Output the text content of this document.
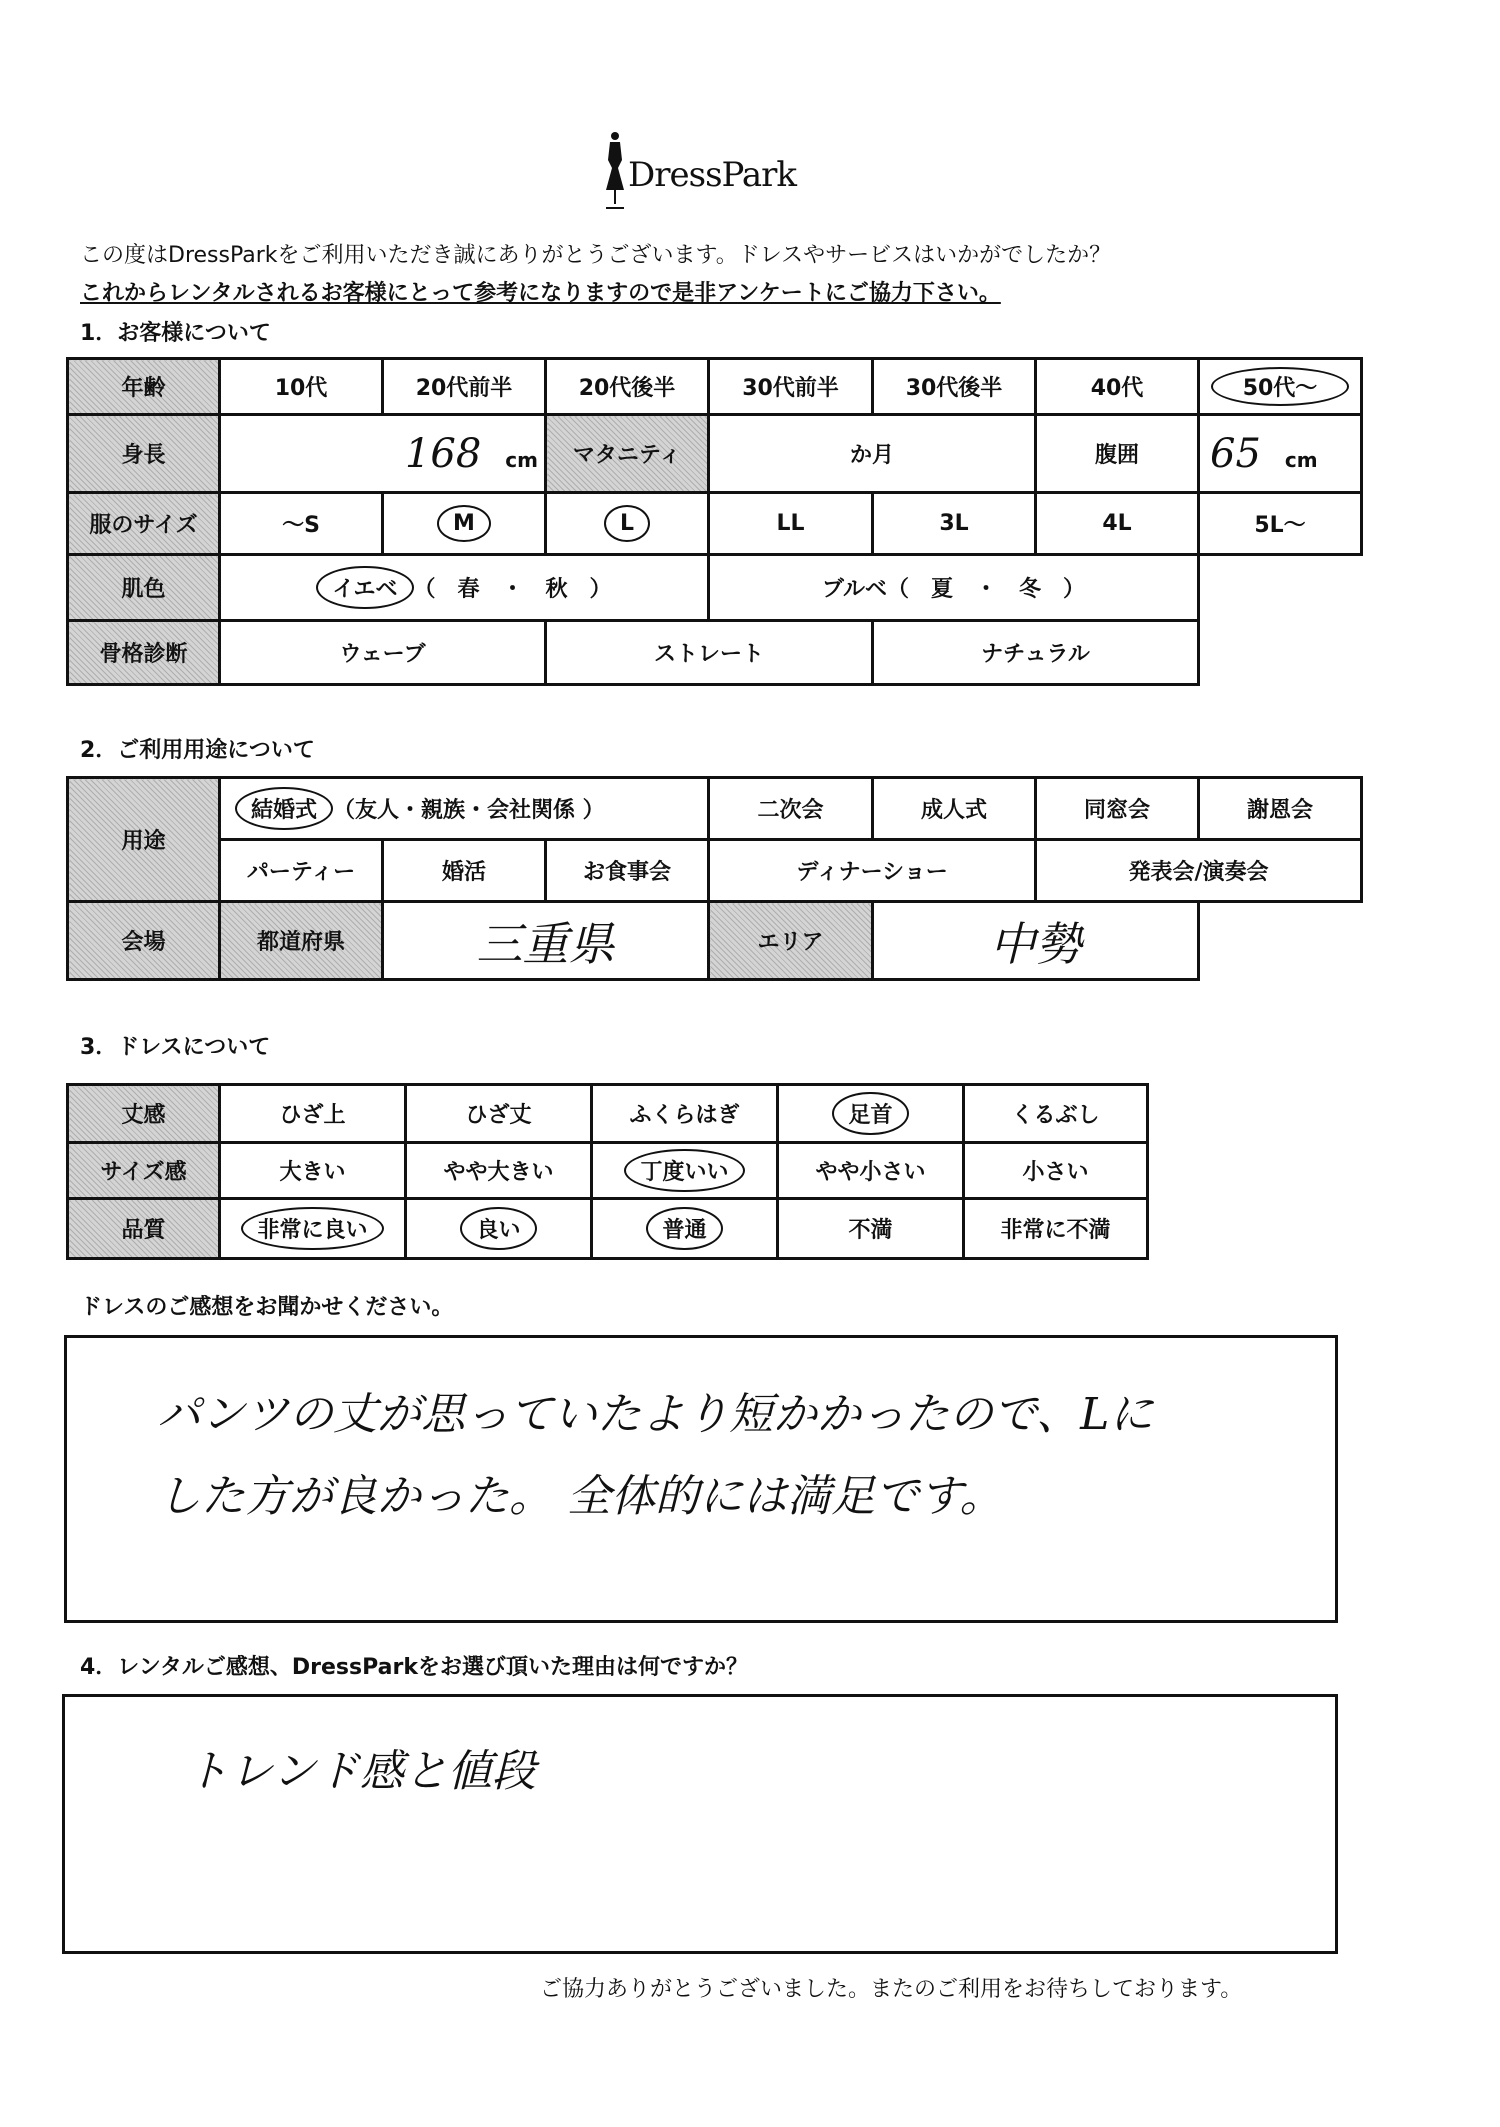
DressPark
この度はDressParkをご利用いただき誠にありがとうございます。ドレスやサービスはいかがでしたか？
これからレンタルされるお客様にとって参考になりますので是非アンケートにご協力下さい。
1．お客様について
年齢	10代	20代前半	20代後半	30代前半	30代後半	40代	50代〜
身長	168 cm		マタニティ	か月		腹囲	65 cm
服のサイズ	〜S	M	L	LL	3L	4L	5L〜
肌色	イエベ （　春　・　秋　）			ブルベ（　夏　・　冬　）			
骨格診断	ウェーブ		ストレート		ナチュラル		
2．ご利用用途について
用途	結婚式 （友人・親族・会社関係 ）			二次会	成人式	同窓会	謝恩会
	パーティー	婚活	お食事会	ディナーショー		発表会/演奏会	
会場	都道府県	三重県		エリア	中勢		
3．ドレスについて
丈感	ひざ上	ひざ丈	ふくらはぎ	足首	くるぶし
サイズ感	大きい	やや大きい	丁度いい	やや小さい	小さい
品質	非常に良い	良い	普通	不満	非常に不満
ドレスのご感想をお聞かせください。
パンツの丈が思っていたより短かかったので、Lに
した方が良かった。 全体的には満足です。
4．レンタルご感想、DressParkをお選び頂いた理由は何ですか？
トレンド感と値段
ご協力ありがとうございました。またのご利用をお待ちしております。
